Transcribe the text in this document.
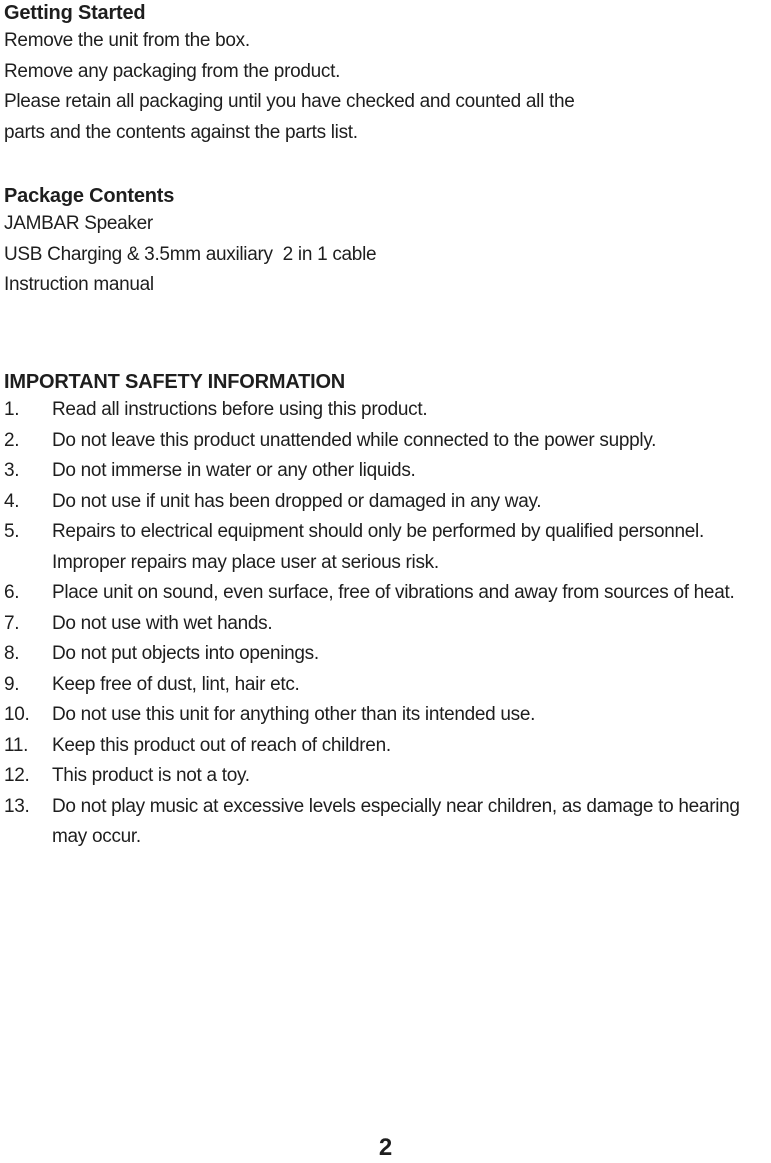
Getting Started
Remove the unit from the box.
Remove any packaging from the product.
Please retain all packaging until you have checked and counted all the
parts and the contents against the parts list.
Package Contents
JAMBAR Speaker
USB Charging & 3.5mm auxiliary  2 in 1 cable
Instruction manual
IMPORTANT SAFETY INFORMATION
1. Read all instructions before using this product.
2. Do not leave this product unattended while connected to the power supply.
3. Do not immerse in water or any other liquids.
4. Do not use if unit has been dropped or damaged in any way.
5. Repairs to electrical equipment should only be performed by qualified personnel. Improper repairs may place user at serious risk.
6. Place unit on sound, even surface, free of vibrations and away from sources of heat.
7. Do not use with wet hands.
8. Do not put objects into openings.
9. Keep free of dust, lint, hair etc.
10. Do not use this unit for anything other than its intended use.
11. Keep this product out of reach of children.
12. This product is not a toy.
13. Do not play music at excessive levels especially near children, as damage to hearing may occur.
2
